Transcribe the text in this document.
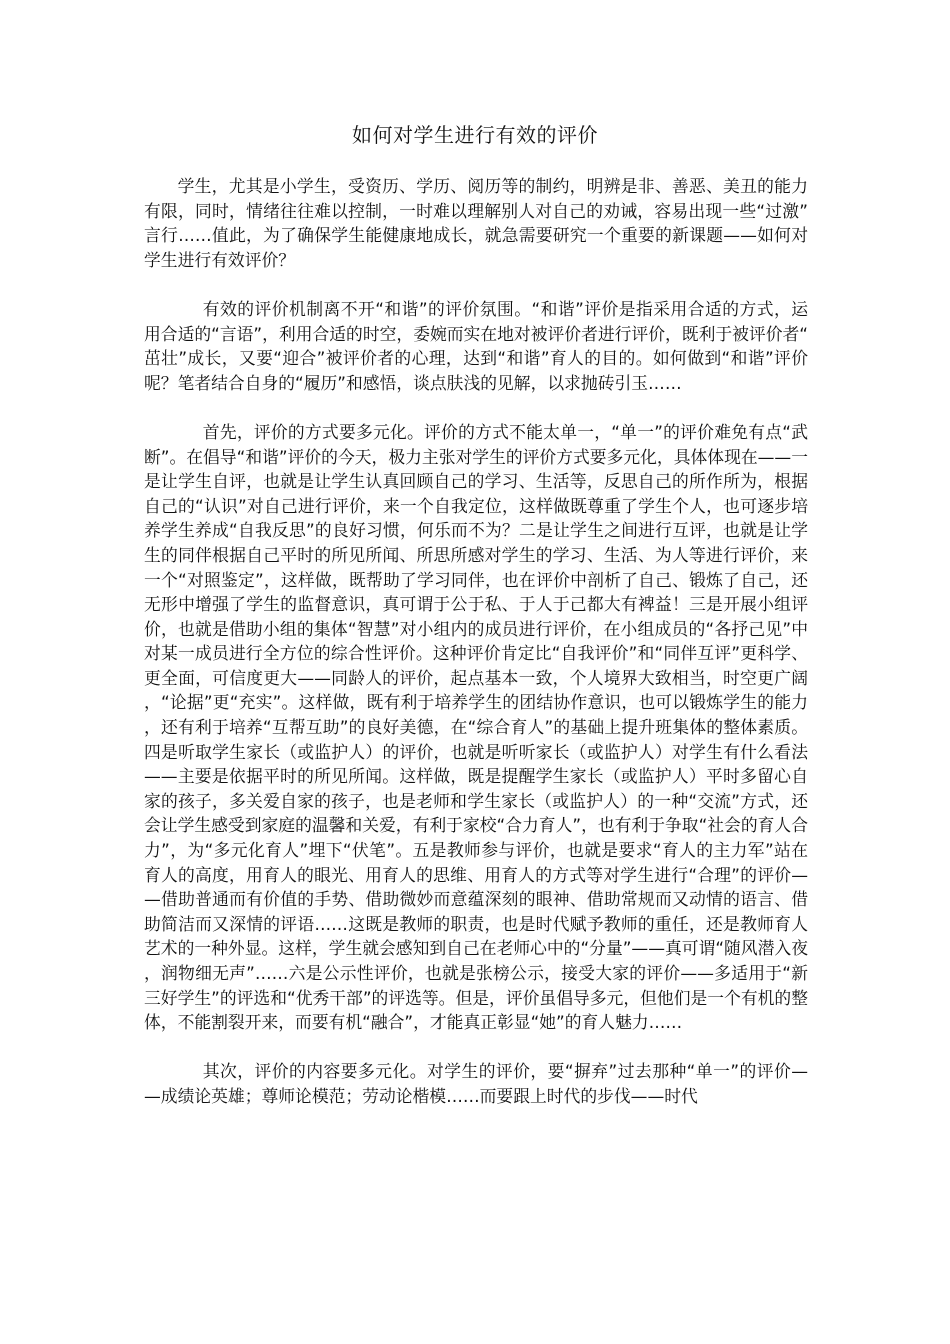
如何对学生进行有效的评价

学生，尤其是小学生，受资历、学历、阅历等的制约，明辨是非、善恶、美丑的能力有限，同时，情绪往往难以控制，一时难以理解别人对自己的劝诫，容易出现一些“过激”言行……值此，为了确保学生能健康地成长，就急需要研究一个重要的新课题——如何对学生进行有效评价？

有效的评价机制离不开“和谐”的评价氛围。“和谐”评价是指采用合适的方式，运用合适的“言语”，利用合适的时空，委婉而实在地对被评价者进行评价，既利于被评价者“茁壮”成长，又要“迎合”被评价者的心理，达到“和谐”育人的目的。如何做到“和谐”评价呢？笔者结合自身的“履历”和感悟，谈点肤浅的见解，以求抛砖引玉……

首先，评价的方式要多元化。评价的方式不能太单一，“单一”的评价难免有点“武断”。在倡导“和谐”评价的今天，极力主张对学生的评价方式要多元化，具体体现在——一是让学生自评，也就是让学生认真回顾自己的学习、生活等，反思自己的所作所为，根据自己的“认识”对自己进行评价，来一个自我定位，这样做既尊重了学生个人，也可逐步培养学生养成“自我反思”的良好习惯，何乐而不为？二是让学生之间进行互评，也就是让学生的同伴根据自己平时的所见所闻、所思所感对学生的学习、生活、为人等进行评价，来一个“对照鉴定”，这样做，既帮助了学习同伴，也在评价中剖析了自己、锻炼了自己，还无形中增强了学生的监督意识，真可谓于公于私、于人于己都大有裨益！三是开展小组评价，也就是借助小组的集体“智慧”对小组内的成员进行评价，在小组成员的“各抒己见”中对某一成员进行全方位的综合性评价。这种评价肯定比“自我评价”和“同伴互评”更科学、更全面，可信度更大——同龄人的评价，起点基本一致，个人境界大致相当，时空更广阔，“论据”更“充实”。这样做，既有利于培养学生的团结协作意识，也可以锻炼学生的能力，还有利于培养“互帮互助”的良好美德，在“综合育人”的基础上提升班集体的整体素质。四是听取学生家长（或监护人）的评价，也就是听听家长（或监护人）对学生有什么看法——主要是依据平时的所见所闻。这样做，既是提醒学生家长（或监护人）平时多留心自家的孩子，多关爱自家的孩子，也是老师和学生家长（或监护人）的一种“交流”方式，还会让学生感受到家庭的温馨和关爱，有利于家校“合力育人”，也有利于争取“社会的育人合力”，为“多元化育人”埋下“伏笔”。五是教师参与评价，也就是要求“育人的主力军”站在育人的高度，用育人的眼光、用育人的思维、用育人的方式等对学生进行“合理”的评价——借助普通而有价值的手势、借助微妙而意蕴深刻的眼神、借助常规而又动情的语言、借助简洁而又深情的评语……这既是教师的职责，也是时代赋予教师的重任，还是教师育人艺术的一种外显。这样，学生就会感知到自己在老师心中的“分量”——真可谓“随风潜入夜，润物细无声”……六是公示性评价，也就是张榜公示，接受大家的评价——多适用于“新三好学生”的评选和“优秀干部”的评选等。但是，评价虽倡导多元，但他们是一个有机的整体，不能割裂开来，而要有机“融合”，才能真正彰显“她”的育人魅力……

其次，评价的内容要多元化。对学生的评价，要“摒弃”过去那种“单一”的评价——成绩论英雄；尊师论模范；劳动论楷模……而要跟上时代的步伐——时代
